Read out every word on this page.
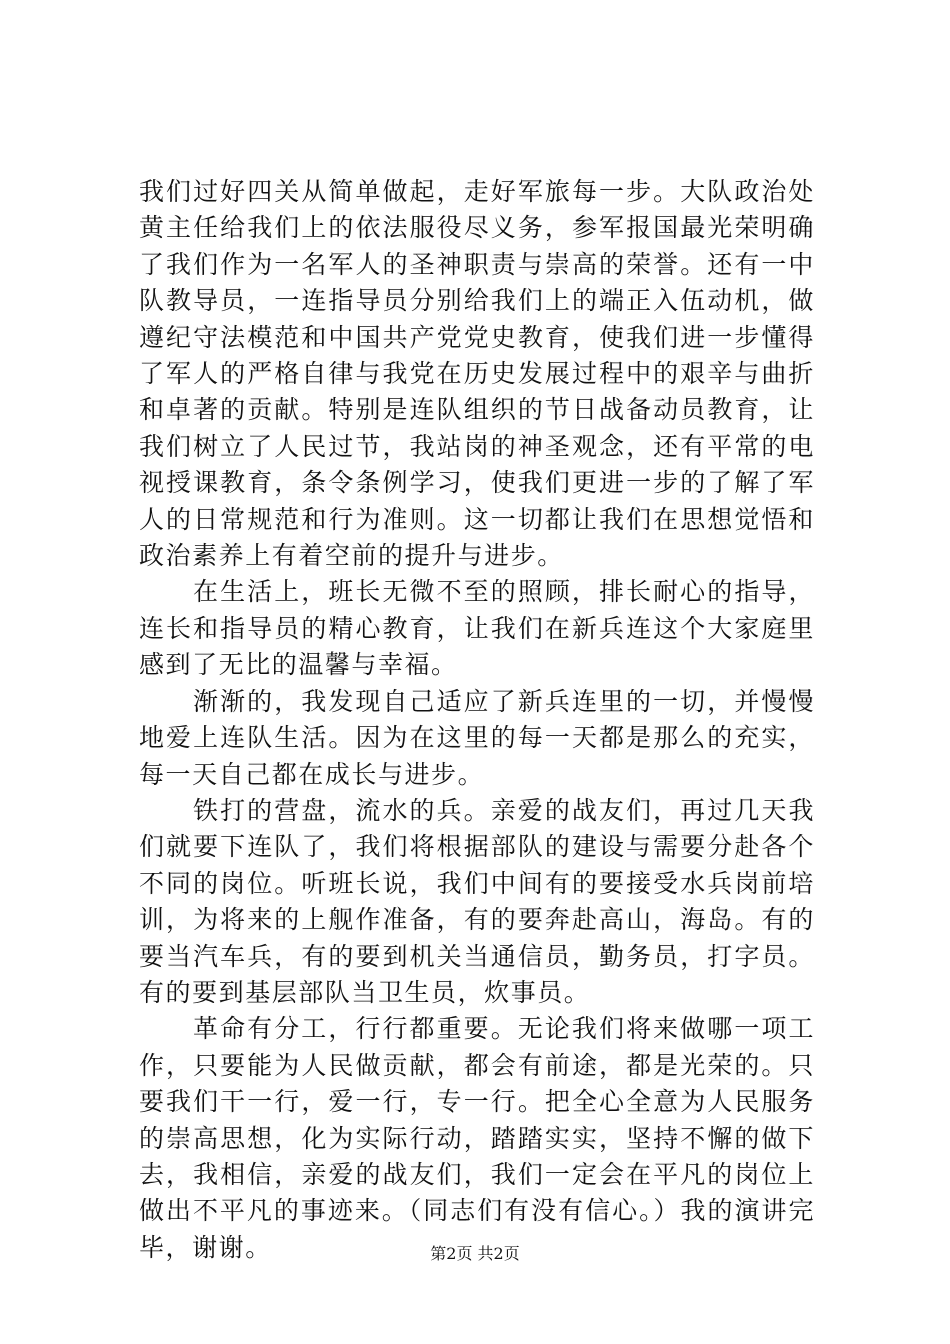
我们过好四关从简单做起，走好军旅每一步。大队政治处黄主任给我们上的依法服役尽义务，参军报国最光荣明确了我们作为一名军人的圣神职责与崇高的荣誉。还有一中队教导员，一连指导员分别给我们上的端正入伍动机，做遵纪守法模范和中国共产党党史教育，使我们进一步懂得了军人的严格自律与我党在历史发展过程中的艰辛与曲折和卓著的贡献。特别是连队组织的节日战备动员教育，让我们树立了人民过节，我站岗的神圣观念，还有平常的电视授课教育，条令条例学习，使我们更进一步的了解了军人的日常规范和行为准则。这一切都让我们在思想觉悟和政治素养上有着空前的提升与进步。

在生活上，班长无微不至的照顾，排长耐心的指导，连长和指导员的精心教育，让我们在新兵连这个大家庭里感到了无比的温馨与幸福。

渐渐的，我发现自己适应了新兵连里的一切，并慢慢地爱上连队生活。因为在这里的每一天都是那么的充实，每一天自己都在成长与进步。

铁打的营盘，流水的兵。亲爱的战友们，再过几天我们就要下连队了，我们将根据部队的建设与需要分赴各个不同的岗位。听班长说，我们中间有的要接受水兵岗前培训，为将来的上舰作准备，有的要奔赴高山，海岛。有的要当汽车兵，有的要到机关当通信员，勤务员，打字员。有的要到基层部队当卫生员，炊事员。

革命有分工，行行都重要。无论我们将来做哪一项工作，只要能为人民做贡献，都会有前途，都是光荣的。只要我们干一行，爱一行，专一行。把全心全意为人民服务的崇高思想，化为实际行动，踏踏实实，坚持不懈的做下去，我相信，亲爱的战友们，我们一定会在平凡的岗位上做出不平凡的事迹来。（同志们有没有信心。）我的演讲完毕，谢谢。	第2页 共2页
